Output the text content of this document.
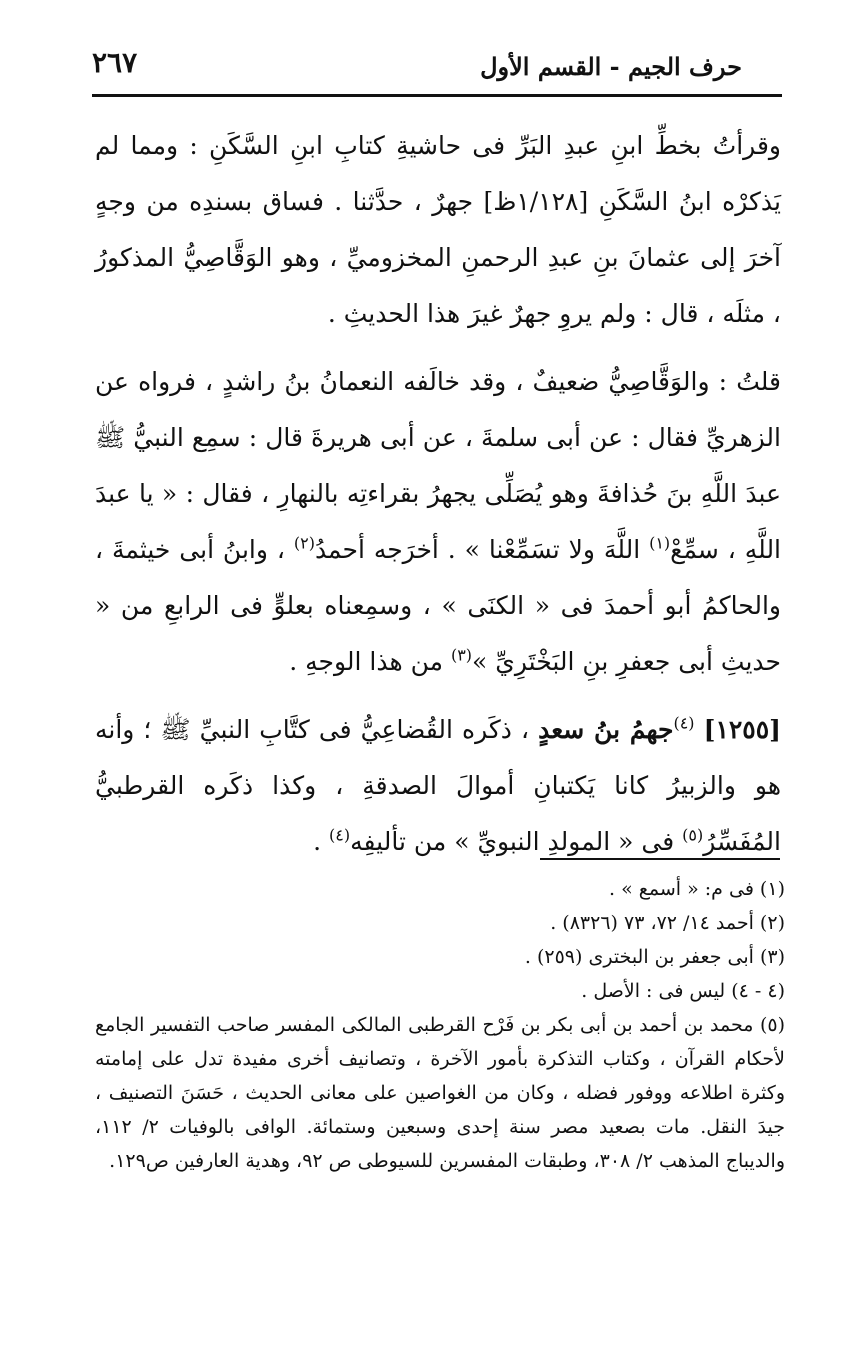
حرف الجيم - القسم الأول
٢٦٧

وقرأتُ بخطِّ ابنِ عبدِ البَرِّ فى حاشيةِ كتابِ ابنِ السَّكَنِ : ومما لم يَذكرْه ابنُ السَّكَنِ [١/١٢٨ظ] جهرٌ ، حدَّثنا . فساق بسندِه من وجهٍ آخرَ إلى عثمانَ بنِ عبدِ الرحمنِ المخزوميِّ ، وهو الوَقَّاصِيُّ المذكورُ ، مثلَه ، قال : ولم يروِ جهرٌ غيرَ هذا الحديثِ .

قلتُ : والوَقَّاصِيُّ ضعيفٌ ، وقد خالَفه النعمانُ بنُ راشدٍ ، فرواه عن الزهريِّ فقال : عن أبى سلمةَ ، عن أبى هريرةَ قال : سمِع النبيُّ ﷺ عبدَ اللَّهِ بنَ حُذافةَ وهو يُصَلِّى يجهرُ بقراءتِه بالنهارِ ، فقال : « يا عبدَ اللَّهِ ، سمِّعْ$^{(١)}$ اللَّهَ ولا تسَمِّعْنا » . أخرَجه أحمدُ$^{(٢)}$ ، وابنُ أبى خيثمةَ ، والحاكمُ أبو أحمدَ فى « الكنَى » ، وسمِعناه بعلوٍّ فى الرابعِ من « حديثِ أبى جعفرِ بنِ البَخْتَرِيِّ »$^{(٣)}$ من هذا الوجهِ .

[١٢٥٥] $^{(٤)}$جهمُ بنُ سعدٍ ، ذكَره القُضاعِيُّ فى كتَّابِ النبيِّ ﷺ ؛ وأنه هو والزبيرُ كانا يَكتبانِ أموالَ الصدقةِ ، وكذا ذكَره القرطبيُّ المُفَسِّرُ$^{(٥)}$ فى « المولدِ النبويِّ » من تأليفِه$^{(٤)}$ .

(١) فى م: « أسمع » .

(٢) أحمد ١٤/ ٧٢، ٧٣ (٨٣٢٦) .

(٣) أبى جعفر بن البخترى (٢٥٩) .

(٤ - ٤) ليس فى : الأصل .

(٥) محمد بن أحمد بن أبى بكر بن فَرْح القرطبى المالكى المفسر صاحب التفسير الجامع لأحكام القرآن ، وكتاب التذكرة بأمور الآخرة ، وتصانيف أخرى مفيدة تدل على إمامته وكثرة اطلاعه ووفور فضله ، وكان من الغواصين على معانى الحديث ، حَسَنَ التصنيف ، جيدَ النقل. مات بصعيد مصر سنة إحدى وسبعين وستمائة. الوافى بالوفيات ٢/ ١١٢، والديباج المذهب ٢/ ٣٠٨، وطبقات المفسرين للسيوطى ص ٩٢، وهدية العارفين ص١٢٩.
